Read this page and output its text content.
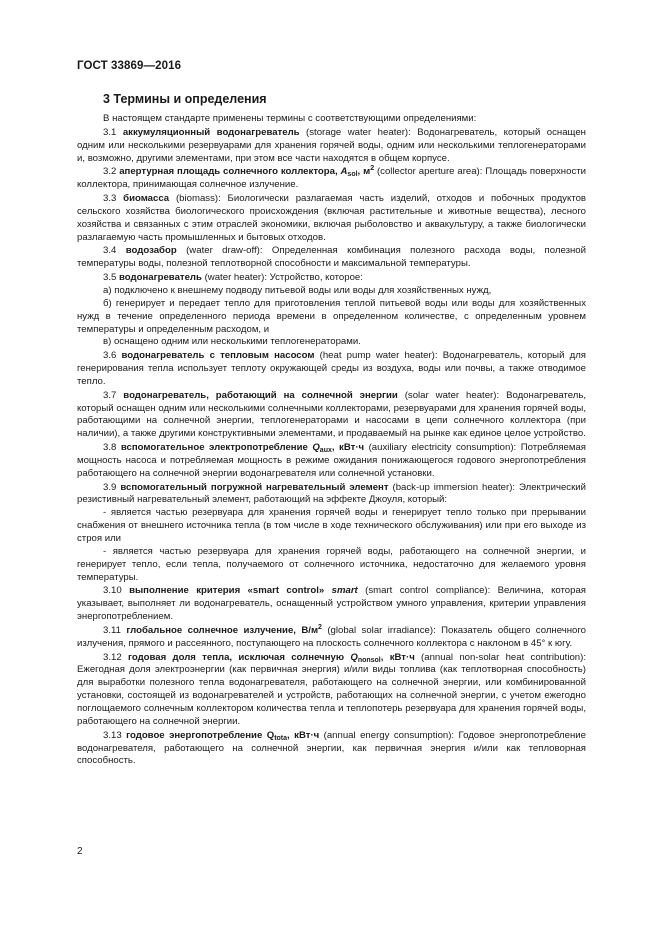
ГОСТ 33869—2016
3 Термины и определения

В настоящем стандарте применены термины с соответствующими определениями:

3.1 аккумуляционный водонагреватель (storage water heater): Водонагреватель, который оснащен одним или несколькими резервуарами для хранения горячей воды, одним или несколькими теплогенераторами и, возможно, другими элементами, при этом все части находятся в общем корпусе.

3.2 апертурная площадь солнечного коллектора, $A_{sol}$, $м^2$ (collector aperture area): Площадь поверхности коллектора, принимающая солнечное излучение.

3.3 биомасса (biomass): Биологически разлагаемая часть изделий, отходов и побочных продуктов сельского хозяйства биологического происхождения (включая растительные и животные вещества), лесного хозяйства и связанных с этим отраслей экономики, включая рыболовство и аквакультуру, а также биологически разлагаемую часть промышленных и бытовых отходов.

3.4 водозабор (water draw-off): Определенная комбинация полезного расхода воды, полезной температуры воды, полезной теплотворной способности и максимальной температуры.

3.5 водонагреватель (water heater): Устройство, которое:

а) подключено к внешнему подводу питьевой воды или воды для хозяйственных нужд,

б) генерирует и передает тепло для приготовления теплой питьевой воды или воды для хозяйственных нужд в течение определенного периода времени в определенном количестве, с определенным уровнем температуры и определенным расходом, и

в) оснащено одним или несколькими теплогенераторами.

3.6 водонагреватель с тепловым насосом (heat pump water heater): Водонагреватель, который для генерирования тепла использует теплоту окружающей среды из воздуха, воды или почвы, а также отводимое тепло.

3.7 водонагреватель, работающий на солнечной энергии (solar water heater): Водонагреватель, который оснащен одним или несколькими солнечными коллекторами, резервуарами для хранения горячей воды, работающими на солнечной энергии, теплогенераторами и насосами в цепи солнечного коллектора (при наличии), а также другими конструктивными элементами, и продаваемый на рынке как единое целое устройство.

3.8 вспомогательное электропотребление $Q_{aux}$, кВт·ч (auxiliary electricity consumption): Потребляемая мощность насоса и потребляемая мощность в режиме ожидания понижающегося годового энергопотребления работающего на солнечной энергии водонагревателя или солнечной установки.

3.9 вспомогательный погружной нагревательный элемент (back-up immersion heater): Электрический резистивный нагревательный элемент, работающий на эффекте Джоуля, который:

- является частью резервуара для хранения горячей воды и генерирует тепло только при прерывании снабжения от внешнего источника тепла (в том числе в ходе технического обслуживания) или при его выходе из строя или

- является частью резервуара для хранения горячей воды, работающего на солнечной энергии, и генерирует тепло, если тепла, получаемого от солнечного источника, недостаточно для желаемого уровня температуры.

3.10 выполнение критерия «smart control» smart (smart control compliance): Величина, которая указывает, выполняет ли водонагреватель, оснащенный устройством умного управления, критерии управления энергопотреблением.

3.11 глобальное солнечное излучение, $В/м^2$ (global solar irradiance): Показатель общего солнечного излучения, прямого и рассеянного, поступающего на плоскость солнечного коллектора с наклоном в 45° к югу.

3.12 годовая доля тепла, исключая солнечную $Q_{nonsol}$, кВт·ч (annual non-solar heat contribution): Ежегодная доля электроэнергии (как первичная энергия) и/или виды топлива (как теплотворная способность) для выработки полезного тепла водонагревателя, работающего на солнечной энергии, или комбинированной установки, состоящей из водонагревателей и устройств, работающих на солнечной энергии, с учетом ежегодно поглощаемого солнечным коллектором количества тепла и теплопотерь резервуара для хранения горячей воды, работающего на солнечной энергии.

3.13 годовое энергопотребление $Q_{tota}$, кВт·ч (annual energy consumption): Годовое энергопотребление водонагревателя, работающего на солнечной энергии, как первичная энергия и/или как тепловорная способность.

2
